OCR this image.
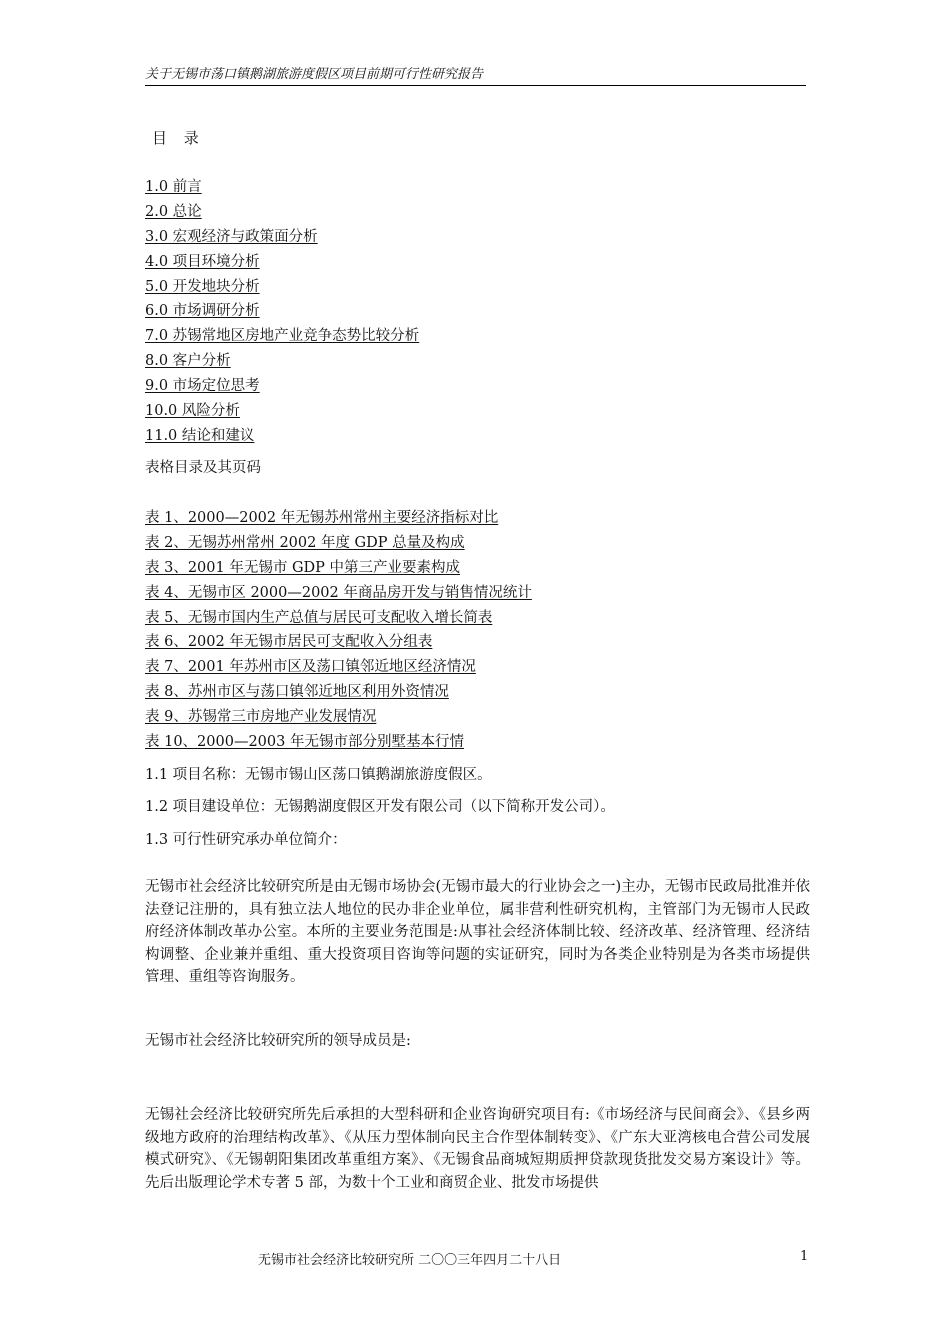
关于无锡市荡口镇鹅湖旅游度假区项目前期可行性研究报告
目 录
1.0 前言
2.0 总论
3.0 宏观经济与政策面分析
4.0 项目环境分析
5.0 开发地块分析
6.0 市场调研分析
7.0 苏锡常地区房地产业竞争态势比较分析
8.0 客户分析
9.0 市场定位思考
10.0 风险分析
11.0 结论和建议
表格目录及其页码
表 1、2000—2002 年无锡苏州常州主要经济指标对比
表 2、无锡苏州常州 2002 年度 GDP 总量及构成
表 3、2001 年无锡市 GDP 中第三产业要素构成
表 4、无锡市区 2000—2002 年商品房开发与销售情况统计
表 5、无锡市国内生产总值与居民可支配收入增长简表
表 6、2002 年无锡市居民可支配收入分组表
表 7、2001 年苏州市区及荡口镇邻近地区经济情况
表 8、苏州市区与荡口镇邻近地区利用外资情况
表 9、苏锡常三市房地产业发展情况
表 10、2000—2003 年无锡市部分别墅基本行情
1.1 项目名称：无锡市锡山区荡口镇鹅湖旅游度假区。
1.2 项目建设单位：无锡鹅湖度假区开发有限公司（以下简称开发公司）。
1.3 可行性研究承办单位简介：

无锡市社会经济比较研究所是由无锡市场协会(无锡市最大的行业协会之一)主办，无锡市民政局批准并依法登记注册的，具有独立法人地位的民办非企业单位，属非营利性研究机构，主管部门为无锡市人民政府经济体制改革办公室。本所的主要业务范围是:从事社会经济体制比较、经济改革、经济管理、经济结构调整、企业兼并重组、重大投资项目咨询等问题的实证研究，同时为各类企业特别是为各类市场提供管理、重组等咨询服务。

无锡市社会经济比较研究所的领导成员是:

无锡社会经济比较研究所先后承担的大型科研和企业咨询研究项目有:《市场经济与民间商会》、《县乡两级地方政府的治理结构改革》、《从压力型体制向民主合作型体制转变》、《广东大亚湾核电合营公司发展模式研究》、《无锡朝阳集团改革重组方案》、《无锡食品商城短期质押贷款现货批发交易方案设计》等。先后出版理论学术专著 5 部，为数十个工业和商贸企业、批发市场提供

无锡市社会经济比较研究所 二〇〇三年四月二十八日	1
